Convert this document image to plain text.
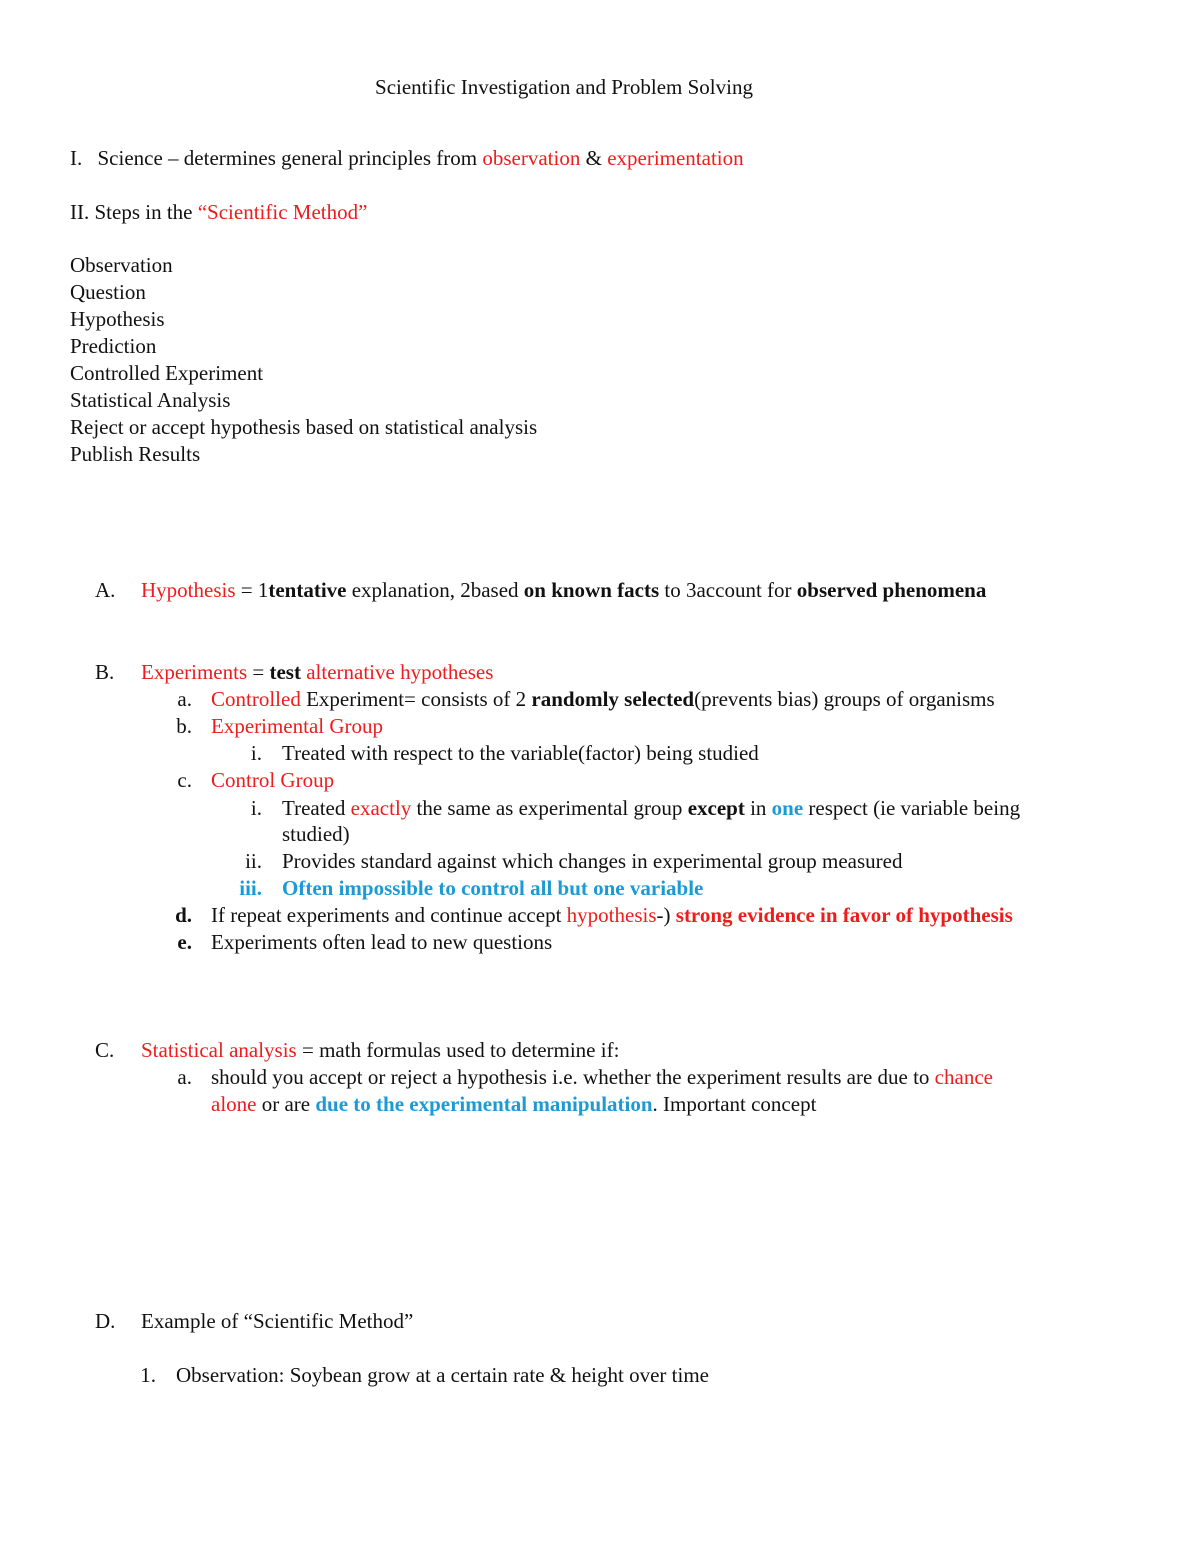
Scientific Investigation and Problem Solving
I. Science – determines general principles from observation & experimentation
II. Steps in the “Scientific Method”
Observation
Question
Hypothesis
Prediction
Controlled Experiment
Statistical Analysis
Reject or accept hypothesis based on statistical analysis
Publish Results
A.	Hypothesis = 1tentative explanation, 2based on known facts to 3account for observed phenomena
B.	Experiments = test alternative hypotheses
a. Controlled Experiment= consists of 2 randomly selected(prevents bias) groups of organisms
b. Experimental Group
i. Treated with respect to the variable(factor) being studied
c. Control Group
i. Treated exactly the same as experimental group except in one respect (ie variable being
studied)
ii. Provides standard against which changes in experimental group measured
iii. Often impossible to control all but one variable
d. If repeat experiments and continue accept hypothesis-) strong evidence in favor of hypothesis
e. Experiments often lead to new questions
C.	Statistical analysis = math formulas used to determine if:
a. should you accept or reject a hypothesis i.e. whether the experiment results are due to chance
alone or are due to the experimental manipulation. Important concept
D.	Example of “Scientific Method”
1. Observation: Soybean grow at a certain rate & height over time
